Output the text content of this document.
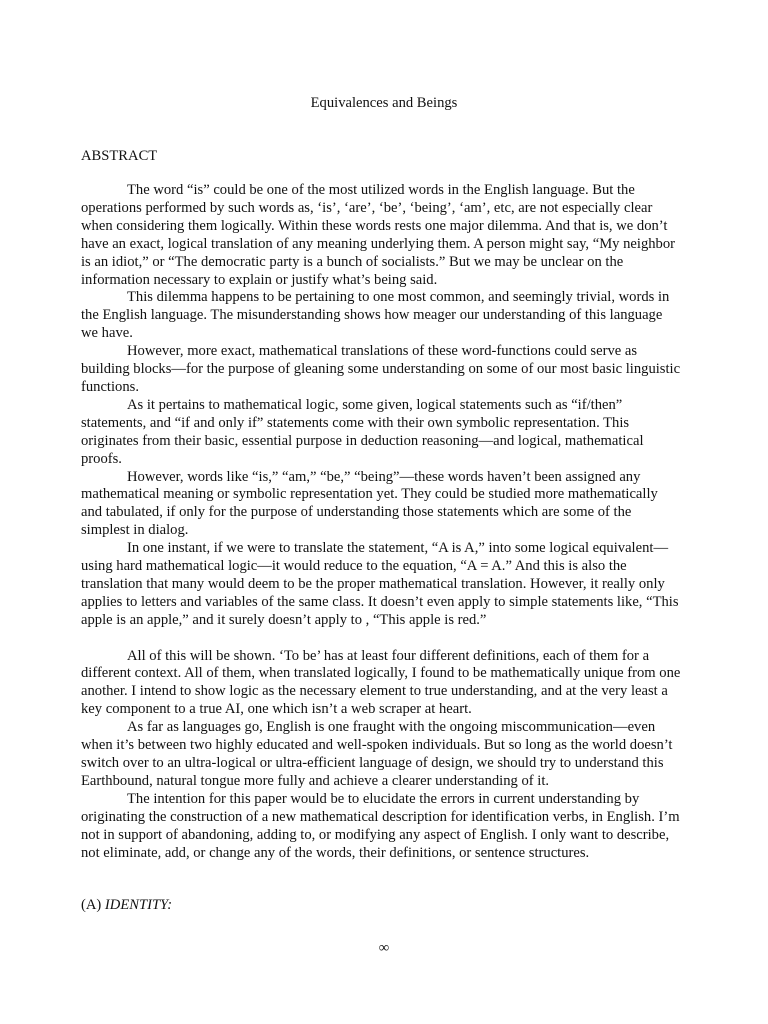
Equivalences and Beings
ABSTRACT

The word “is” could be one of the most utilized words in the English language. But the operations performed by such words as, ‘is’, ‘are’, ‘be’, ‘being’, ‘am’, etc, are not especially clear when considering them logically. Within these words rests one major dilemma. And that is, we don’t have an exact, logical translation of any meaning underlying them. A person might say, “My neighbor is an idiot,” or “The democratic party is a bunch of socialists.” But we may be unclear on the information necessary to explain or justify what’s being said.

This dilemma happens to be pertaining to one most common, and seemingly trivial, words in the English language. The misunderstanding shows how meager our understanding of this language we have.

However, more exact, mathematical translations of these word-functions could serve as building blocks—for the purpose of gleaning some understanding on some of our most basic linguistic functions.

As it pertains to mathematical logic, some given, logical statements such as “if/then” statements, and “if and only if” statements come with their own symbolic representation. This originates from their basic, essential purpose in deduction reasoning—and logical, mathematical proofs.

However, words like “is,” “am,” “be,” “being”—these words haven’t been assigned any mathematical meaning or symbolic representation yet. They could be studied more mathematically and tabulated, if only for the purpose of understanding those statements which are some of the simplest in dialog.

In one instant, if we were to translate the statement, “A is A,” into some logical equivalent—using hard mathematical logic—it would reduce to the equation, “A = A.” And this is also the translation that many would deem to be the proper mathematical translation. However, it really only applies to letters and variables of the same class. It doesn’t even apply to simple statements like, “This apple is an apple,” and it surely doesn’t apply to , “This apple is red.”

All of this will be shown. ‘To be’ has at least four different definitions, each of them for a different context. All of them, when translated logically, I found to be mathematically unique from one another. I intend to show logic as the necessary element to true understanding, and at the very least a key component to a true AI, one which isn’t a web scraper at heart.

As far as languages go, English is one fraught with the ongoing miscommunication—even when it’s between two highly educated and well-spoken individuals. But so long as the world doesn’t switch over to an ultra-logical or ultra-efficient language of design, we should try to understand this Earthbound, natural tongue more fully and achieve a clearer understanding of it.

The intention for this paper would be to elucidate the errors in current understanding by originating the construction of a new mathematical description for identification verbs, in English. I’m not in support of abandoning, adding to, or modifying any aspect of English. I only want to describe, not eliminate, add, or change any of the words, their definitions, or sentence structures.

(A) IDENTITY:
∞
